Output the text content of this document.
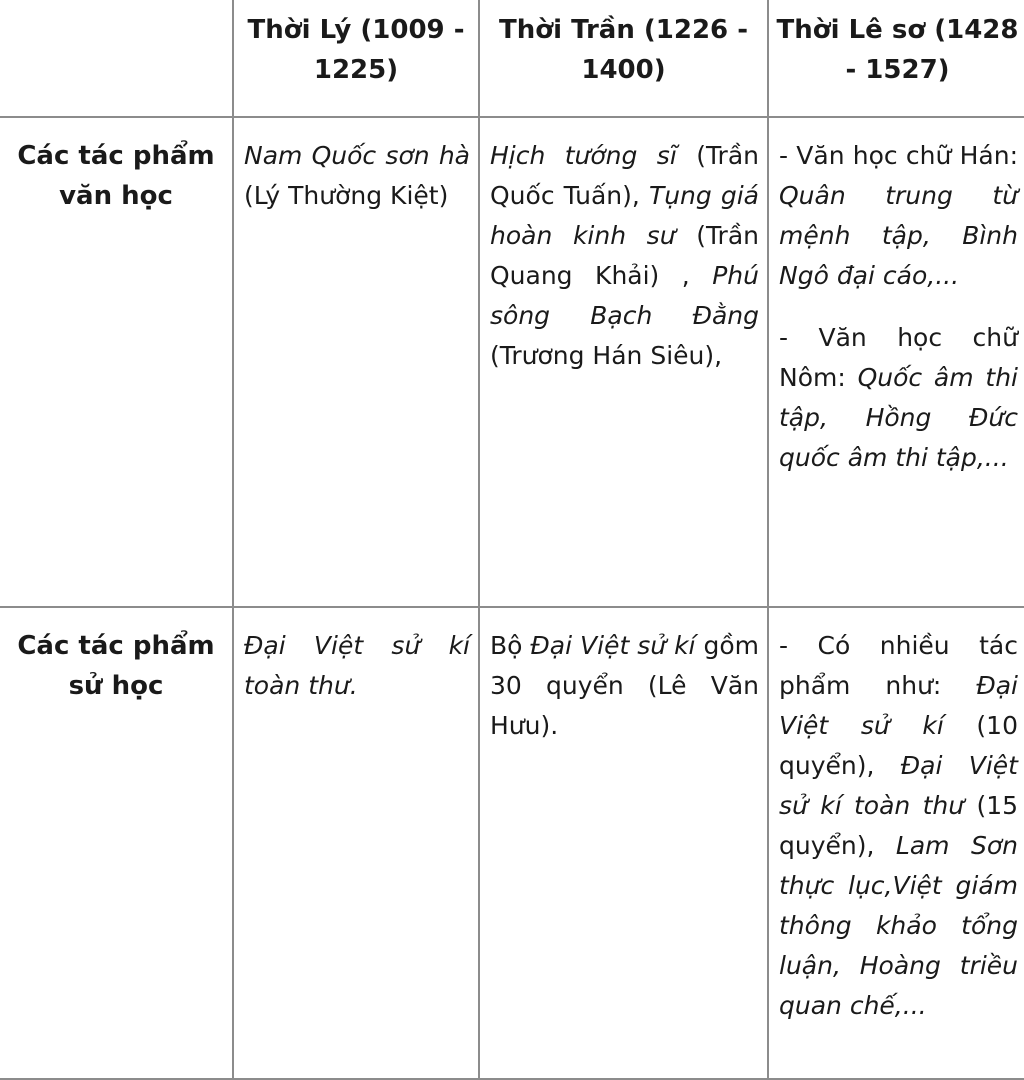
	Thời Lý (1009 - 1225)	Thời Trần (1226 - 1400)	Thời Lê sơ (1428 - 1527)
Các tác phẩm văn học	Nam Quốc sơn hà (Lý Thường Kiệt)	Hịch tướng sĩ (Trần Quốc Tuấn), Tụng giá hoàn kinh sư (Trần Quang Khải) , Phú sông Bạch Đằng (Trương Hán Siêu),	- Văn học chữ Hán: Quân trung từ mệnh tập, Bình Ngô đại cáo,...

- Văn học chữ Nôm: Quốc âm thi tập, Hồng Đức quốc âm thi tập,...

Các tác phẩm sử học	Đại Việt sử kí toàn thư.	Bộ Đại Việt sử kí gồm 30 quyển (Lê Văn Hưu).	- Có nhiều tác phẩm như: Đại Việt sử kí (10 quyển), Đại Việt sử kí toàn thư (15 quyển), Lam Sơn thực lục,Việt giám thông khảo tổng luận, Hoàng triều quan chế,...
